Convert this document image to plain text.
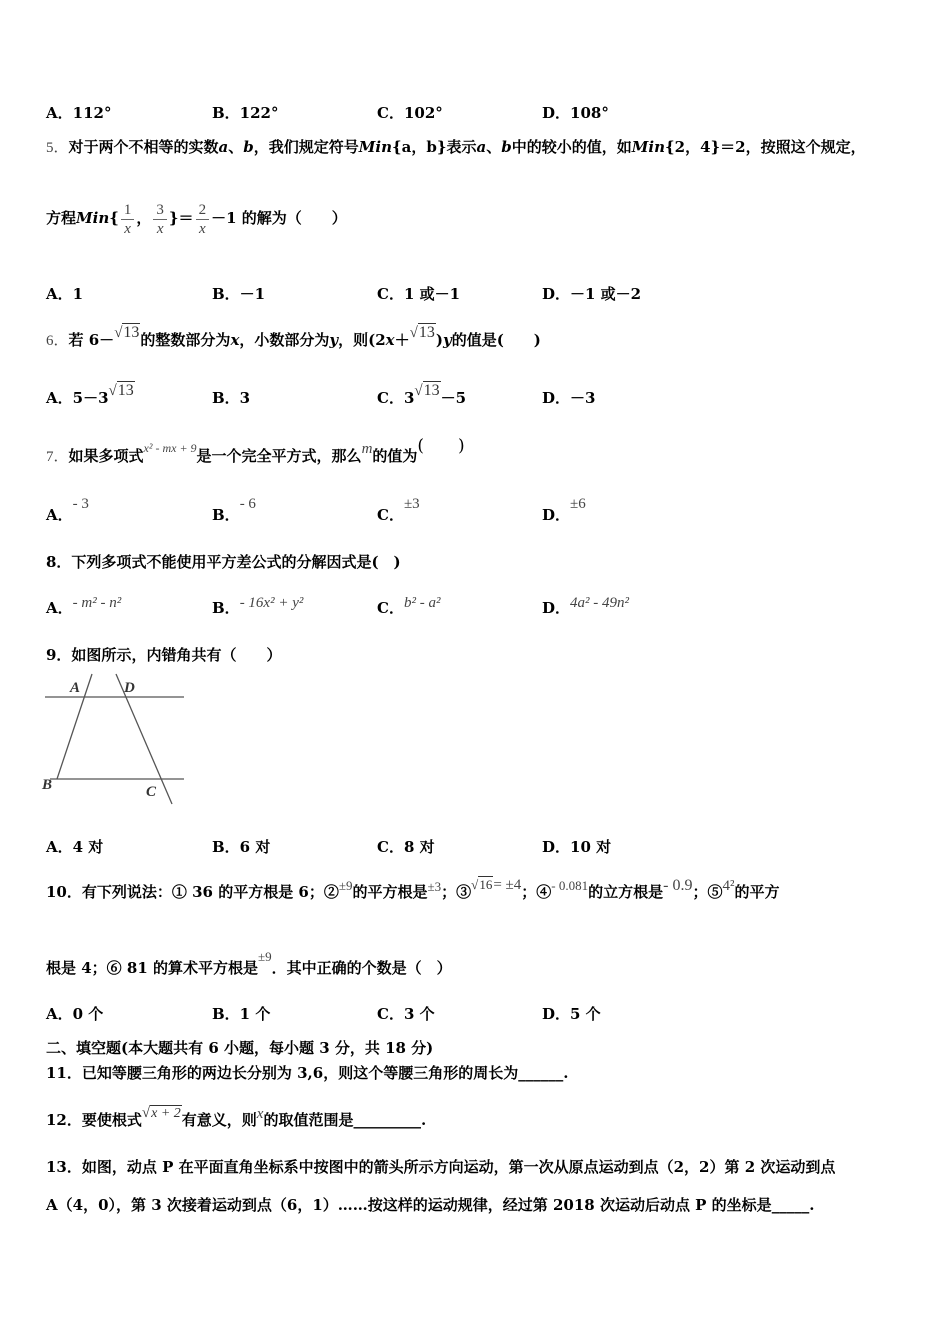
A．112°	B．122°	C．102°	D．108°
5．对于两个不相等的实数a、b，我们规定符号Min{a，b}表示a、b中的较小的值，如Min{2，4}＝2，按照这个规定，
方程$Min\{ \frac{1}{x}$ ， $\frac{3}{x}$ }＝ $\frac{2}{x} -1$ 的解为（　　）
A．1	B．－1	C．1 或－1	D．－1 或－2
6．若 6－√13的整数部分为x，小数部分为y，则(2x＋√13)y的值是(　　)
A．5－3√13	B．3	C．3√13－5	D．－3
7．如果多项式$^{x^2 - mx + 9}$是一个完全平方式，那么m的值为(　　)
A．- 3
B．- 6
C．±3
D．±6
8．下列多项式不能使用平方差公式的分解因式是(　)
A．- m² - n²	B．- 16x² + y²	C．b² - a²	D．4a² - 49n²
9．如图所示，内错角共有（　　）
A	D
B	C
A．4 对	B．6 对	C．8 对	D．10 对
10．有下列说法：① 36 的平方根是 6；②±9的平方根是±3；③√16= ±4；④- 0.081的立方根是- 0.9；⑤4²的平方
根是 4；⑥ 81 的算术平方根是±9．其中正确的个数是（　）
A．0 个	B．1 个	C．3 个	D．5 个
二、填空题(本大题共有 6 小题，每小题 3 分，共 18 分)
11．已知等腰三角形的两边长分别为 3,6，则这个等腰三角形的周长为______.
12．要使根式√x + 2有意义，则x的取值范围是_________.
13．如图，动点 P 在平面直角坐标系中按图中的箭头所示方向运动，第一次从原点运动到点（2，2）第 2 次运动到点
A（4，0），第 3 次接着运动到点（6，1）……按这样的运动规律，经过第 2018 次运动后动点 P 的坐标是_____.
